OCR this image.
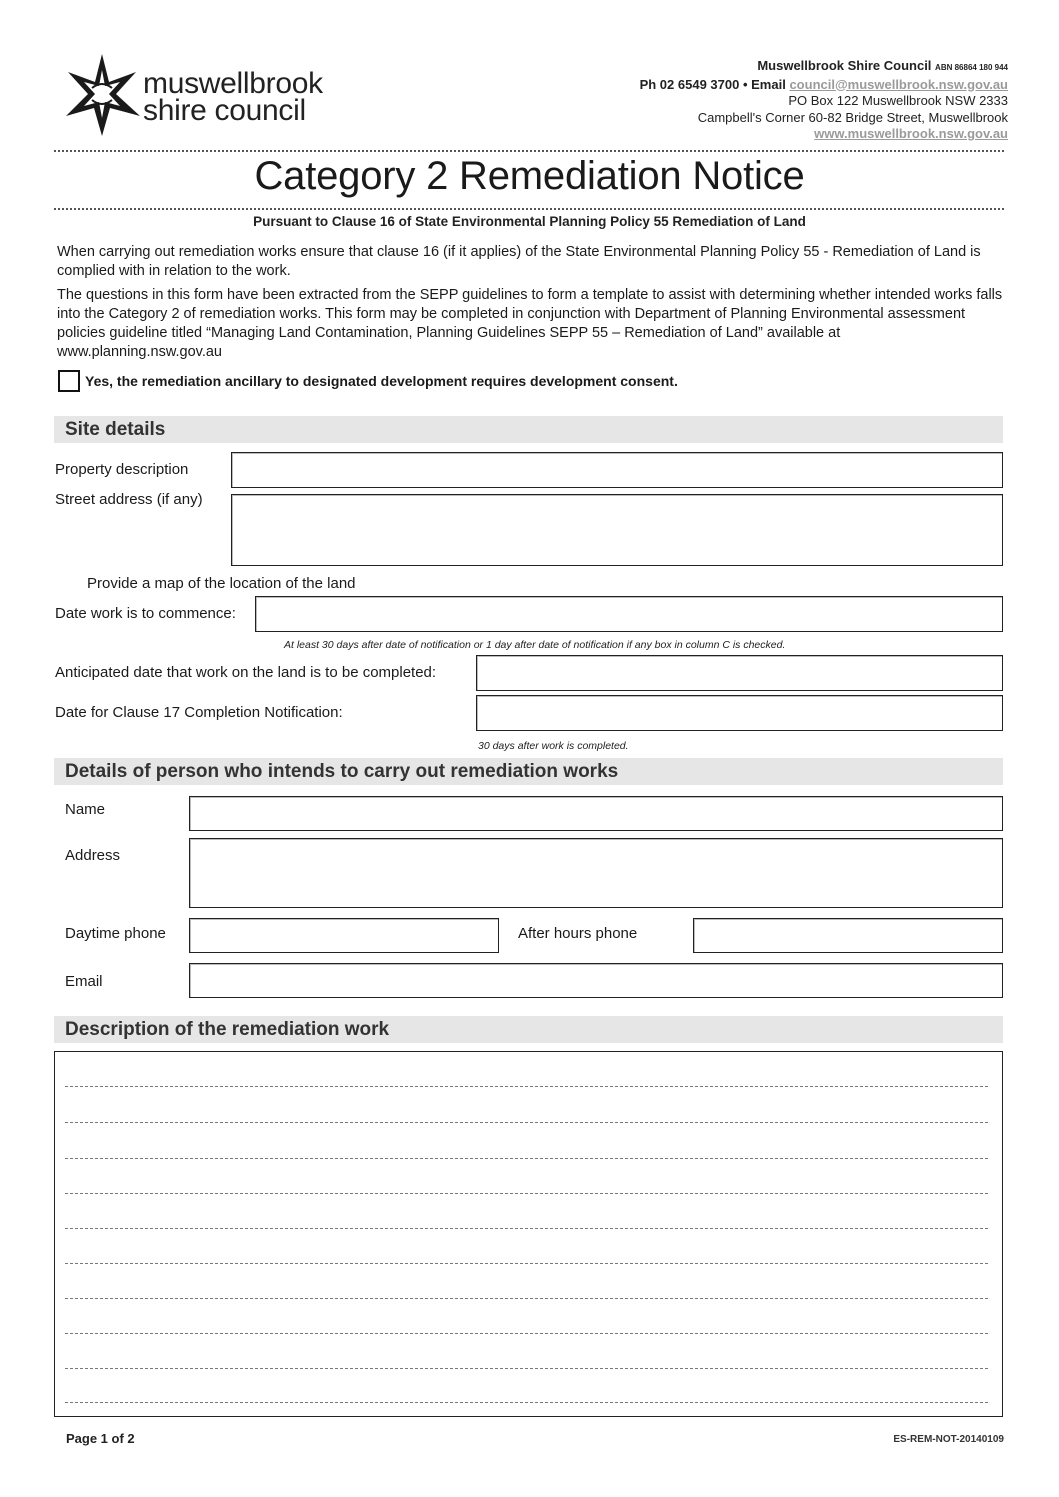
muswellbrook
shire council
Muswellbrook Shire Council ABN 86864 180 944
Ph 02 6549 3700 • Email council@muswellbrook.nsw.gov.au
PO Box 122 Muswellbrook NSW 2333
Campbell's Corner 60-82 Bridge Street, Muswellbrook
www.muswellbrook.nsw.gov.au
Category 2 Remediation Notice
Pursuant to Clause 16 of State Environmental Planning Policy 55 Remediation of Land
When carrying out remediation works ensure that clause 16 (if it applies) of the State Environmental Planning Policy 55 - Remediation of Land is complied with in relation to the work.
The questions in this form have been extracted from the SEPP guidelines to form a template to assist with determining whether intended works falls into the Category 2 of remediation works. This form may be completed in conjunction with Department of Planning Environmental assessment policies guideline titled “Managing Land Contamination, Planning Guidelines SEPP 55 – Remediation of Land” available at www.planning.nsw.gov.au
Yes, the remediation ancillary to designated development requires development consent.
Site details
Property description
Street address (if any)
Provide a map of the location of the land
Date work is to commence:
At least 30 days after date of notification or 1 day after date of notification if any box in column C is checked.
Anticipated date that work on the land is to be completed:
Date for Clause 17 Completion Notification:
30 days after work is completed.
Details of person who intends to carry out remediation works
Name
Address
Daytime phone	After hours phone
Email
Description of the remediation work
Page 1 of 2	ES-REM-NOT-20140109
